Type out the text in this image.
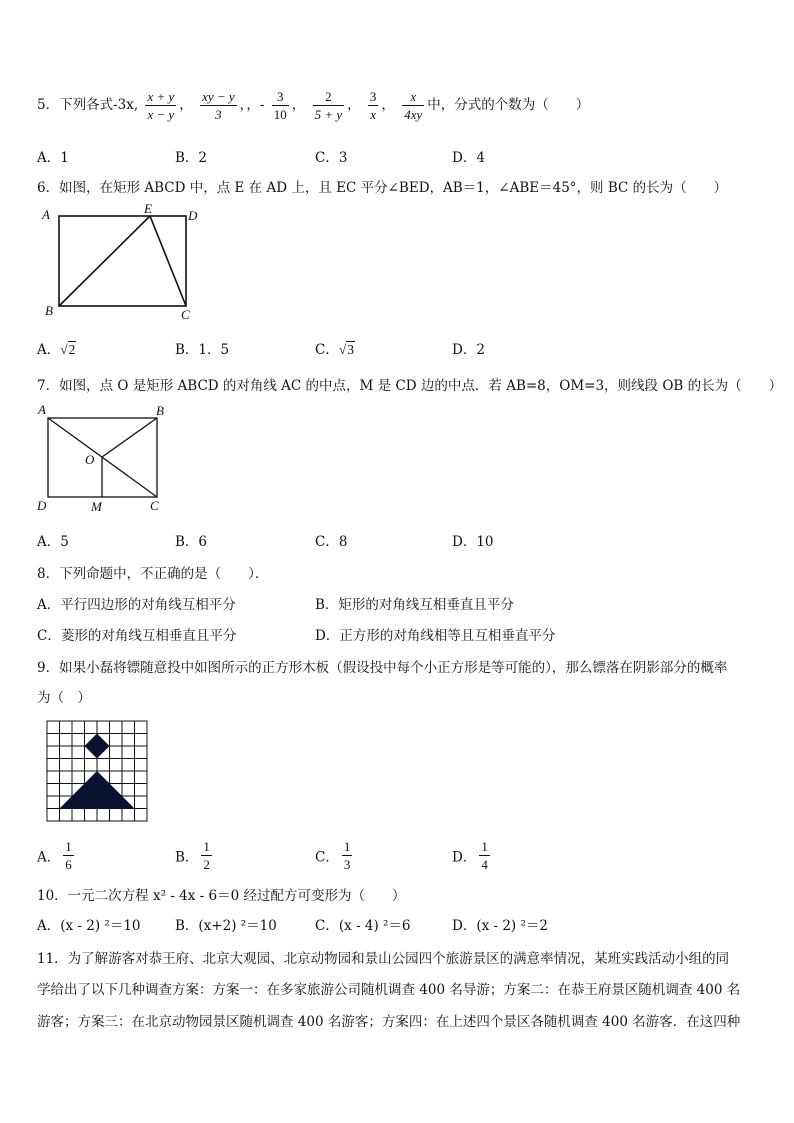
5．下列各式-3x, $\frac{x + y}{x - y}$ ， $\frac{xy - y}{3}$ ，，- $\frac{3}{10}$ ， $\frac{2}{5 + y}$ ， $\frac{3}{x}$ ， $\frac{x}{4xy}$ 中，分式的个数为（　　）
A．1	B．2	C．3	D．4
6．如图，在矩形 ABCD 中，点 E 在 AD 上，且 EC 平分∠BED，AB＝1，∠ABE＝45°，则 BC 的长为（　　）
A	E	D
B	C
A．√2	B．1．5	C．√3	D．2
7．如图，点 O 是矩形 ABCD 的对角线 AC 的中点，M 是 CD 边的中点．若 AB=8，OM=3，则线段 OB 的长为（　　）
A	B
O
D	M	C
A．5	B．6	C．8	D．10
8．下列命题中，不正确的是（　　）．
A．平行四边形的对角线互相平分	B．矩形的对角线互相垂直且平分
C．菱形的对角线互相垂直且平分	D．正方形的对角线相等且互相垂直平分
9．如果小磊将镖随意投中如图所示的正方形木板（假设投中每个小正方形是等可能的），那么镖落在阴影部分的概率
为（　）
A． $\frac{1}{6}$	B． $\frac{1}{2}$	C． $\frac{1}{3}$	D． $\frac{1}{4}$
10．一元二次方程 x² - 4x - 6＝0 经过配方可变形为（　　）
A．(x - 2) ²＝10	B．(x+2) ²＝10	C．(x - 4) ²＝6	D．(x - 2) ²＝2
11．为了解游客对恭王府、北京大观园、北京动物园和景山公园四个旅游景区的满意率情况，某班实践活动小组的同
学给出了以下几种调查方案：方案一：在多家旅游公司随机调查 400 名导游；方案二：在恭王府景区随机调查 400 名
游客；方案三：在北京动物园景区随机调查 400 名游客；方案四：在上述四个景区各随机调查 400 名游客．在这四种
